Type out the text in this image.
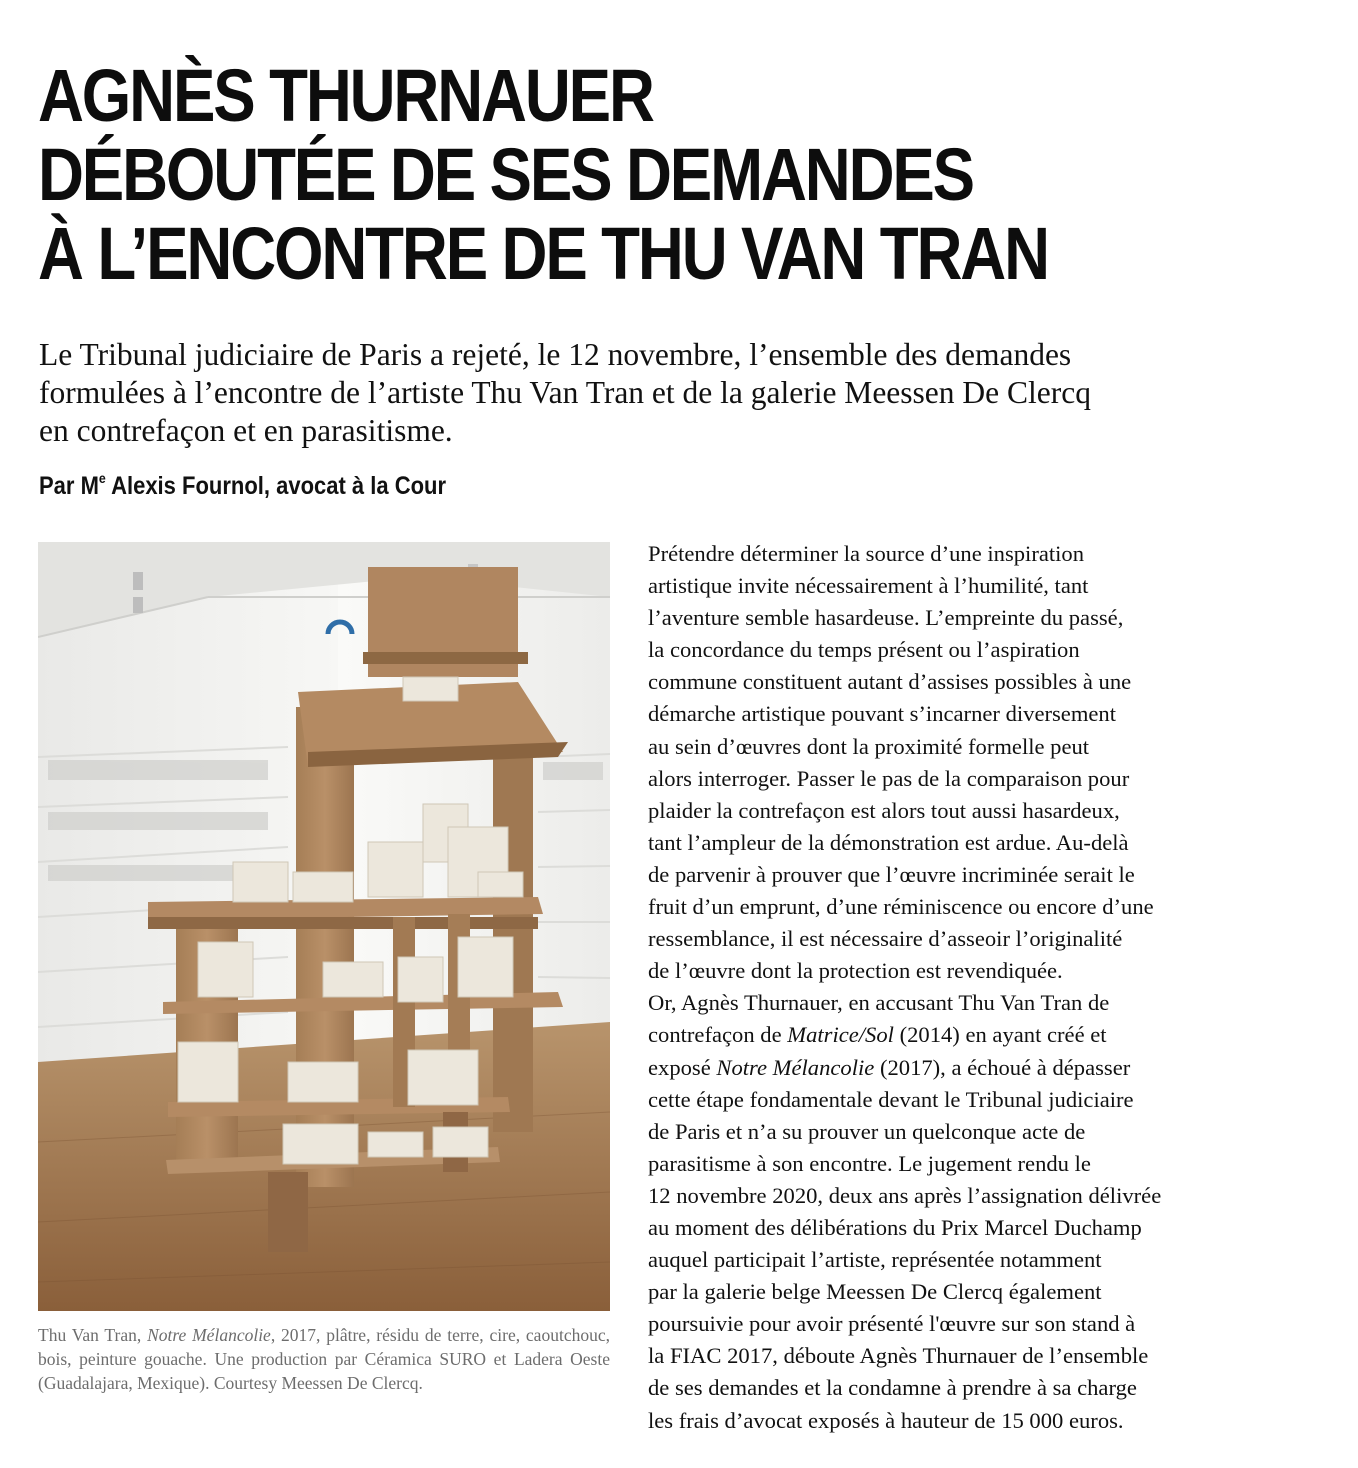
AGNÈS THURNAUER
DÉBOUTÉE DE SES DEMANDES
À L’ENCONTRE DE THU VAN TRAN

Le Tribunal judiciaire de Paris a rejeté, le 12 novembre, l’ensemble des demandes
formulées à l’encontre de l’artiste Thu Van Tran et de la galerie Meessen De Clercq
en contrefaçon et en parasitisme.

Par Me Alexis Fournol, avocat à la Cour

Thu Van Tran, Notre Mélancolie, 2017, plâtre, résidu de terre, cire, caoutchouc, bois, peinture gouache. Une production par Céramica SURO et Ladera Oeste (Guadalajara, Mexique). Courtesy Meessen De Clercq.

Prétendre déterminer la source d’une inspiration
artistique invite nécessairement à l’humilité, tant
l’aventure semble hasardeuse. L’empreinte du passé,
la concordance du temps présent ou l’aspiration
commune constituent autant d’assises possibles à une
démarche artistique pouvant s’incarner diversement
au sein d’œuvres dont la proximité formelle peut
alors interroger. Passer le pas de la comparaison pour
plaider la contrefaçon est alors tout aussi hasardeux,
tant l’ampleur de la démonstration est ardue. Au-delà
de parvenir à prouver que l’œuvre incriminée serait le
fruit d’un emprunt, d’une réminiscence ou encore d’une
ressemblance, il est nécessaire d’asseoir l’originalité
de l’œuvre dont la protection est revendiquée.
Or, Agnès Thurnauer, en accusant Thu Van Tran de
contrefaçon de Matrice/Sol (2014) en ayant créé et
exposé Notre Mélancolie (2017), a échoué à dépasser
cette étape fondamentale devant le Tribunal judiciaire
de Paris et n’a su prouver un quelconque acte de
parasitisme à son encontre. Le jugement rendu le
12 novembre 2020, deux ans après l’assignation délivrée
au moment des délibérations du Prix Marcel Duchamp
auquel participait l’artiste, représentée notamment
par la galerie belge Meessen De Clercq également
poursuivie pour avoir présenté l'œuvre sur son stand à
la FIAC 2017, déboute Agnès Thurnauer de l’ensemble
de ses demandes et la condamne à prendre à sa charge
les frais d’avocat exposés à hauteur de 15 000 euros.
